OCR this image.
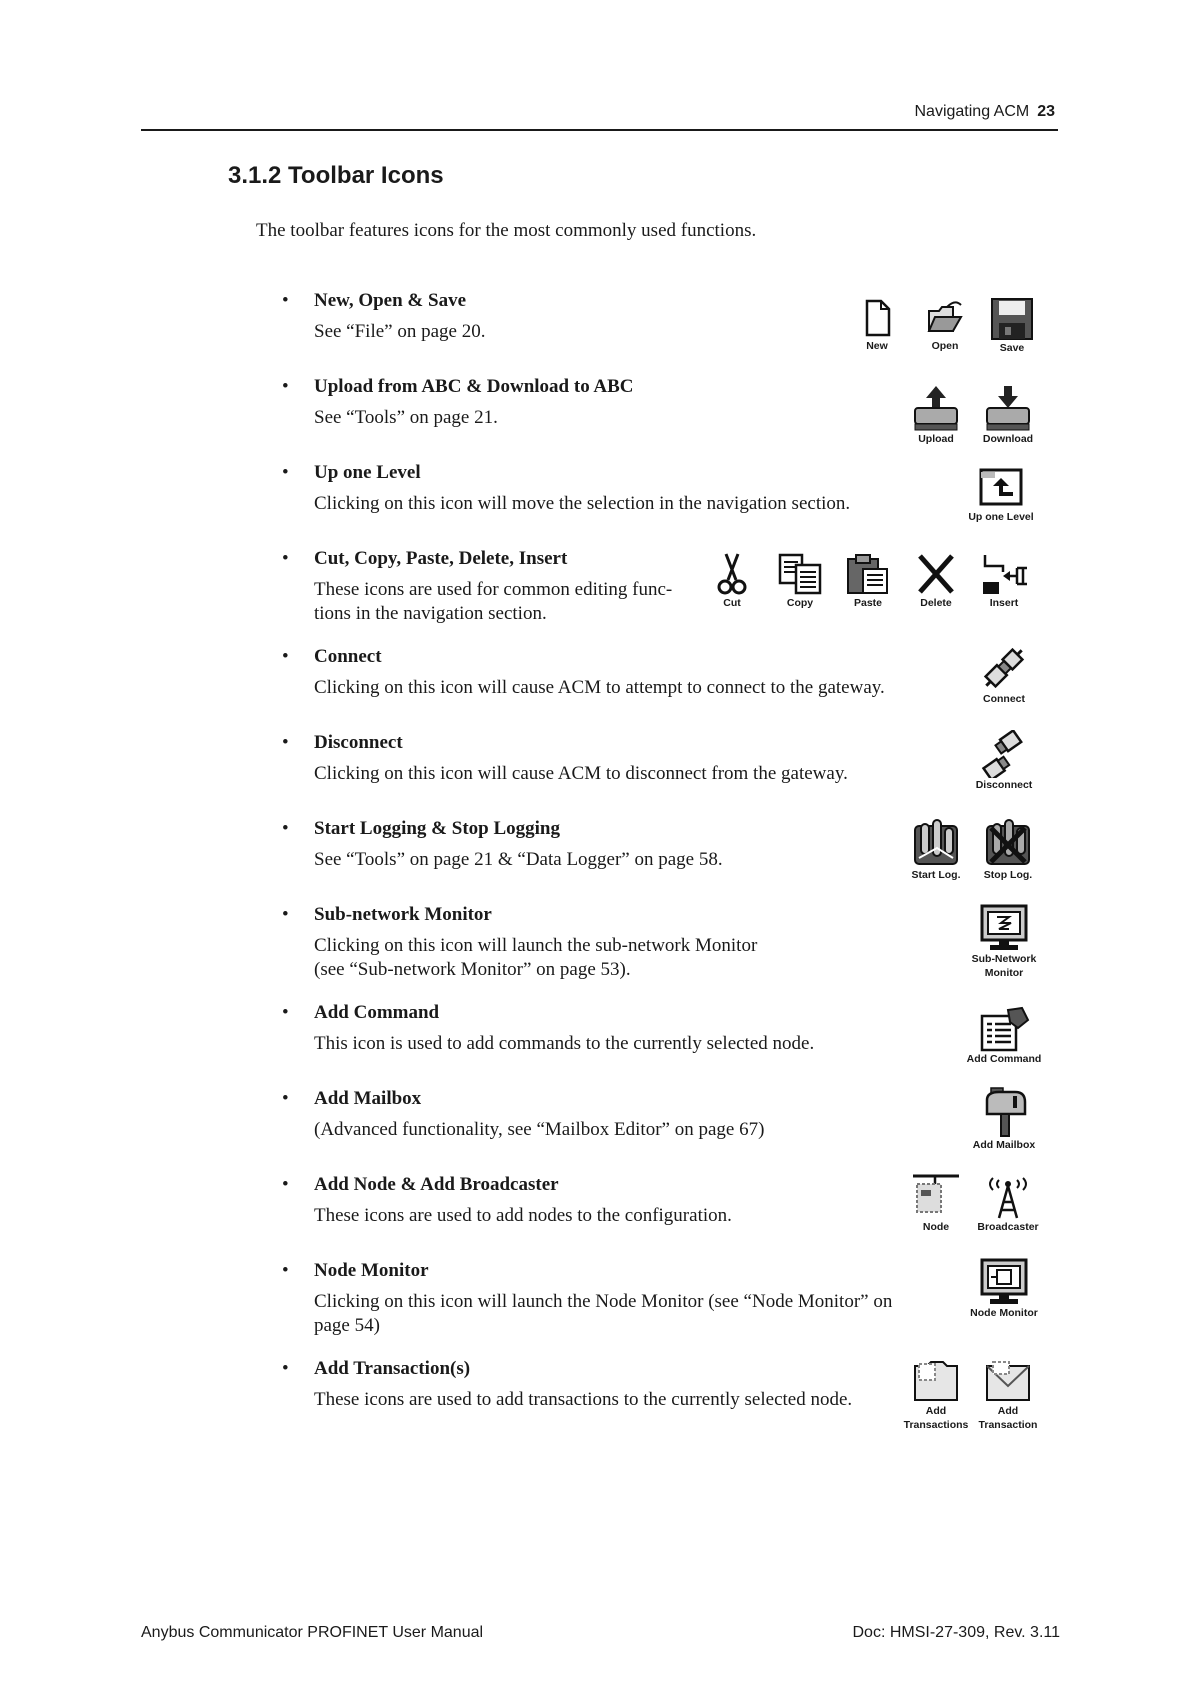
Navigating ACM 23
3.1.2 Toolbar Icons

The toolbar features icons for the most commonly used functions.

• New, Open & Save
See “File” on page 20.
• Upload from ABC & Download to ABC
See “Tools” on page 21.
• Up one Level
Clicking on this icon will move the selection in the navigation section.
• Cut, Copy, Paste, Delete, Insert
These icons are used for common editing func-
tions in the navigation section.
• Connect
Clicking on this icon will cause ACM to attempt to connect to the gateway.
• Disconnect
Clicking on this icon will cause ACM to disconnect from the gateway.
• Start Logging & Stop Logging
See “Tools” on page 21 & “Data Logger” on page 58.
• Sub-network Monitor
Clicking on this icon will launch the sub-network Monitor
(see “Sub-network Monitor” on page 53).
• Add Command
This icon is used to add commands to the currently selected node.
• Add Mailbox
(Advanced functionality, see “Mailbox Editor” on page 67)
• Add Node & Add Broadcaster
These icons are used to add nodes to the configuration.
• Node Monitor
Clicking on this icon will launch the Node Monitor (see “Node Monitor” on
page 54)
• Add Transaction(s)
These icons are used to add transactions to the currently selected node.
New	Open	Save
Upload	Download
Up one Level
Cut	Copy	Paste	Delete	Insert
Connect
Disconnect
Start Log.	Stop Log.
Sub-Network
Monitor
Add Command
Add Mailbox
Node	Broadcaster
Node Monitor
Add
Transactions
Add
Transaction
Anybus Communicator PROFINET User Manual	Doc: HMSI-27-309, Rev. 3.11
